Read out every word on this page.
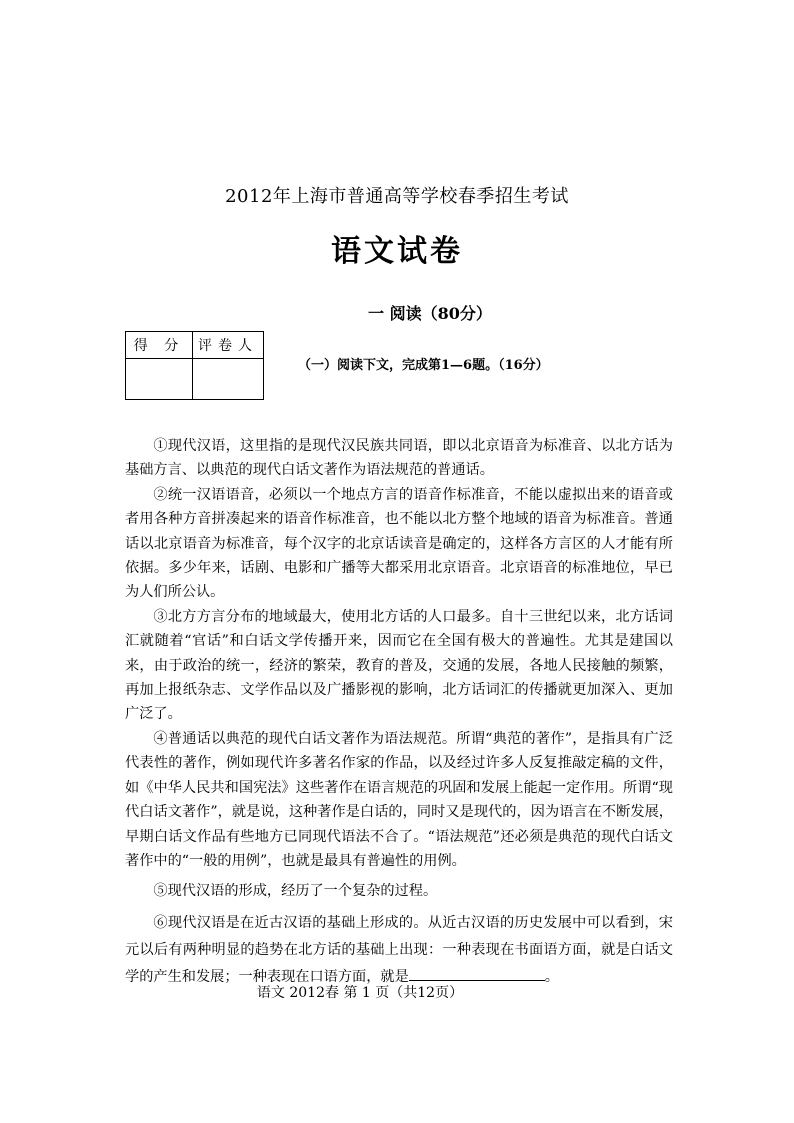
2012年上海市普通高等学校春季招生考试
语文试卷
一 阅读（80分）
得 分	评卷人

（一）阅读下文，完成第1—6题。（16分）

①现代汉语，这里指的是现代汉民族共同语，即以北京语音为标准音、以北方话为基础方言、以典范的现代白话文著作为语法规范的普通话。

②统一汉语语音，必须以一个地点方言的语音作标准音，不能以虚拟出来的语音或者用各种方音拼凑起来的语音作标准音，也不能以北方整个地域的语音为标准音。普通话以北京语音为标准音，每个汉字的北京话读音是确定的，这样各方言区的人才能有所依据。多少年来，话剧、电影和广播等大都采用北京语音。北京语音的标准地位，早已为人们所公认。

③北方方言分布的地域最大，使用北方话的人口最多。自十三世纪以来，北方话词汇就随着“官话”和白话文学传播开来，因而它在全国有极大的普遍性。尤其是建国以来，由于政治的统一，经济的繁荣，教育的普及，交通的发展，各地人民接触的频繁，再加上报纸杂志、文学作品以及广播影视的影响，北方话词汇的传播就更加深入、更加广泛了。

④普通话以典范的现代白话文著作为语法规范。所谓“典范的著作”，是指具有广泛代表性的著作，例如现代许多著名作家的作品，以及经过许多人反复推敲定稿的文件，如《中华人民共和国宪法》这些著作在语言规范的巩固和发展上能起一定作用。所谓“现代白话文著作”，就是说，这种著作是白话的，同时又是现代的，因为语言在不断发展，早期白话文作品有些地方已同现代语法不合了。“语法规范”还必须是典范的现代白话文著作中的“一般的用例”，也就是最具有普遍性的用例。

⑤现代汉语的形成，经历了一个复杂的过程。

⑥现代汉语是在近古汉语的基础上形成的。从近古汉语的历史发展中可以看到，宋元以后有两种明显的趋势在北方话的基础上出现：一种表现在书面语方面，就是白话文学的产生和发展；一种表现在口语方面，就是	。

语文 2012春 第 1 页（共12页）
